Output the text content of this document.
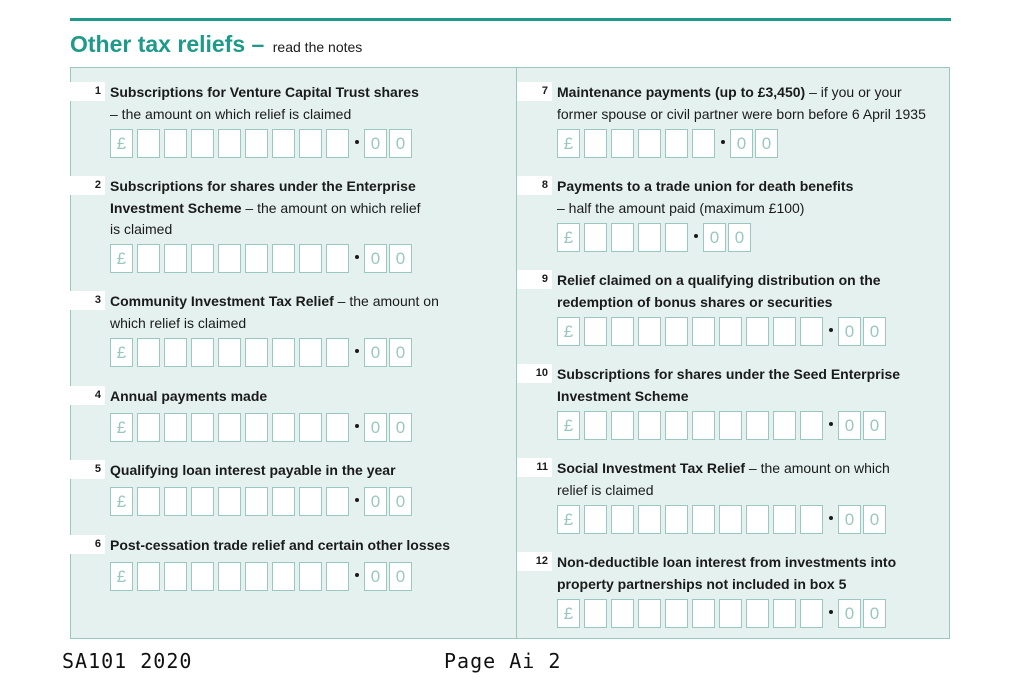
Other tax reliefs – read the notes
1 Subscriptions for Venture Capital Trust shares
– the amount on which relief is claimed
£	0 0
2 Subscriptions for shares under the Enterprise
Investment Scheme – the amount on which relief
is claimed
£	0 0
3 Community Investment Tax Relief – the amount on
which relief is claimed
£	0 0
4 Annual payments made
£	0 0
5 Qualifying loan interest payable in the year
£	0 0
6 Post-cessation trade relief and certain other losses
£	0 0
7 Maintenance payments (up to £3,450) – if you or your
former spouse or civil partner were born before 6 April 1935
£	0 0
8 Payments to a trade union for death benefits
– half the amount paid (maximum £100)
£	0 0
9 Relief claimed on a qualifying distribution on the
redemption of bonus shares or securities
£	0 0
10 Subscriptions for shares under the Seed Enterprise
Investment Scheme
£	0 0
11 Social Investment Tax Relief – the amount on which
relief is claimed
£	0 0
12 Non-deductible loan interest from investments into
property partnerships not included in box 5
£	0 0
SA101 2020	Page Ai 2
